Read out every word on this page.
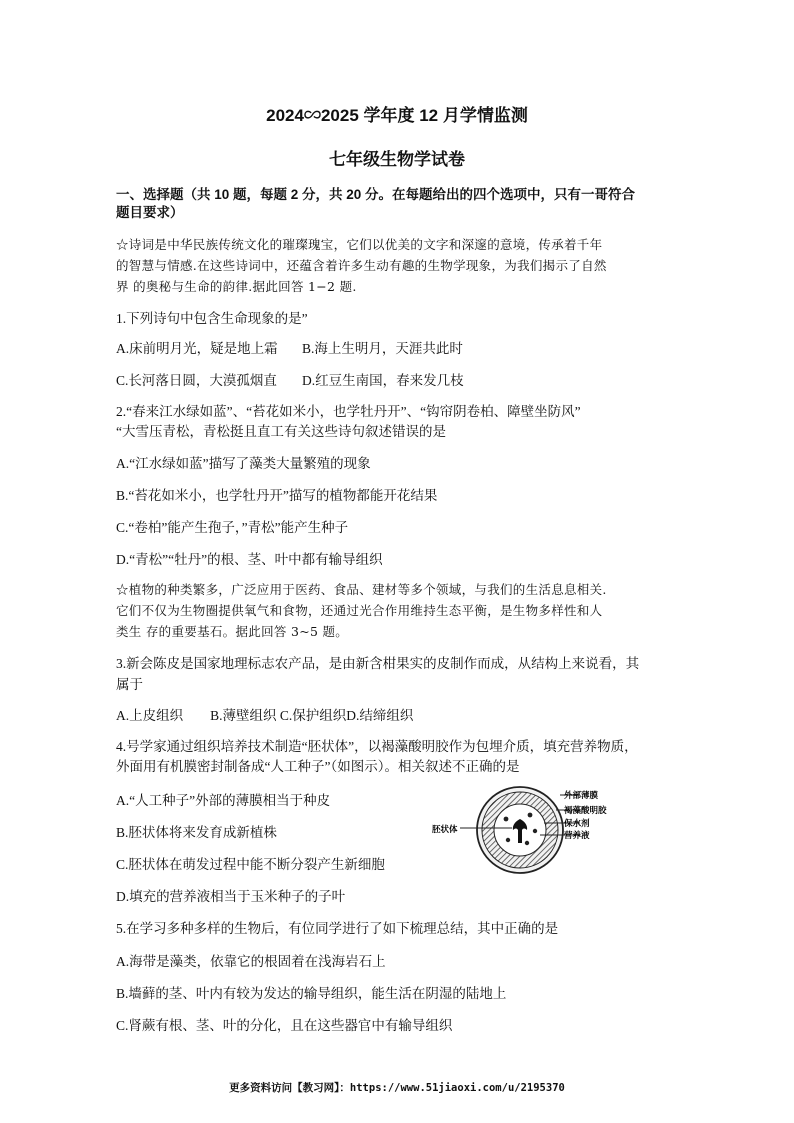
2024∽2025 学年度 12 月学情监测
七年级生物学试卷
一、选择题（共 10 题，每题 2 分，共 20 分。在每题给出的四个选项中，只有一哥符合
题目要求）
☆诗词是中华民族传统文化的璀璨瑰宝，它们以优美的文字和深邃的意境，传承着千年
的智慧与情感.在这些诗词中，还蕴含着许多生动有趣的生物学现象，为我们揭示了自然
界 的奥秘与生命的韵律.据此回答 1−2 题.
1.下列诗句中包含生命现象的是”
A.床前明月光，疑是地上霜 B.海上生明月，天涯共此时
C.长河落日圆，大漠孤烟直 D.红豆生南国，春来发几枝
2.“春来江水绿如蓝”、“苔花如米小，也学牡丹开”、“钩帘阴卷柏、障壁坐防风”
“大雪压青松，青松挺且直工有关这些诗句叙述错误的是
A.“江水绿如蓝”描写了藻类大量繁殖的现象
B.“苔花如米小，也学牡丹开”描写的植物都能开花结果
C.“卷柏”能产生孢子，”青松”能产生种子
D.“青松”“牡丹”的根、茎、叶中都有输导组织
☆植物的种类繁多，广泛应用于医药、食品、建材等多个领域，与我们的生活息息相关.
它们不仅为生物圈提供氧气和食物，还通过光合作用维持生态平衡，是生物多样性和人
类生 存的重要基石。据此回答 3~5 题。
3.新会陈皮是国家地理标志农产品，是由新含柑果实的皮制作而成，从结构上来说看，其
属于
A.上皮组织　　B.薄壁组织 C.保护组织D.结缔组织
4.号学家通过组织培养技术制造“胚状体”，以褐藻酸明胶作为包埋介质，填充营养物质，
外面用有机膜密封制备成“人工种子”（如图示）。相关叙述不正确的是
A.“人工种子”外部的薄膜相当于种皮
B.胚状体将来发育成新植株
C.胚状体在萌发过程中能不断分裂产生新细胞
D.填充的营养液相当于玉米种子的子叶
胚状体
外部薄膜
褐藻酸明胶
保水剂
营养液
5.在学习多种多样的生物后，有位同学进行了如下梳理总结，其中正确的是
A.海带是藻类，依靠它的根固着在浅海岩石上
B.墙藓的茎、叶内有较为发达的输导组织，能生活在阴湿的陆地上
C.肾蕨有根、茎、叶的分化，且在这些器官中有输导组织
更多资料访问【教习网】：https://www.51jiaoxi.com/u/2195370
